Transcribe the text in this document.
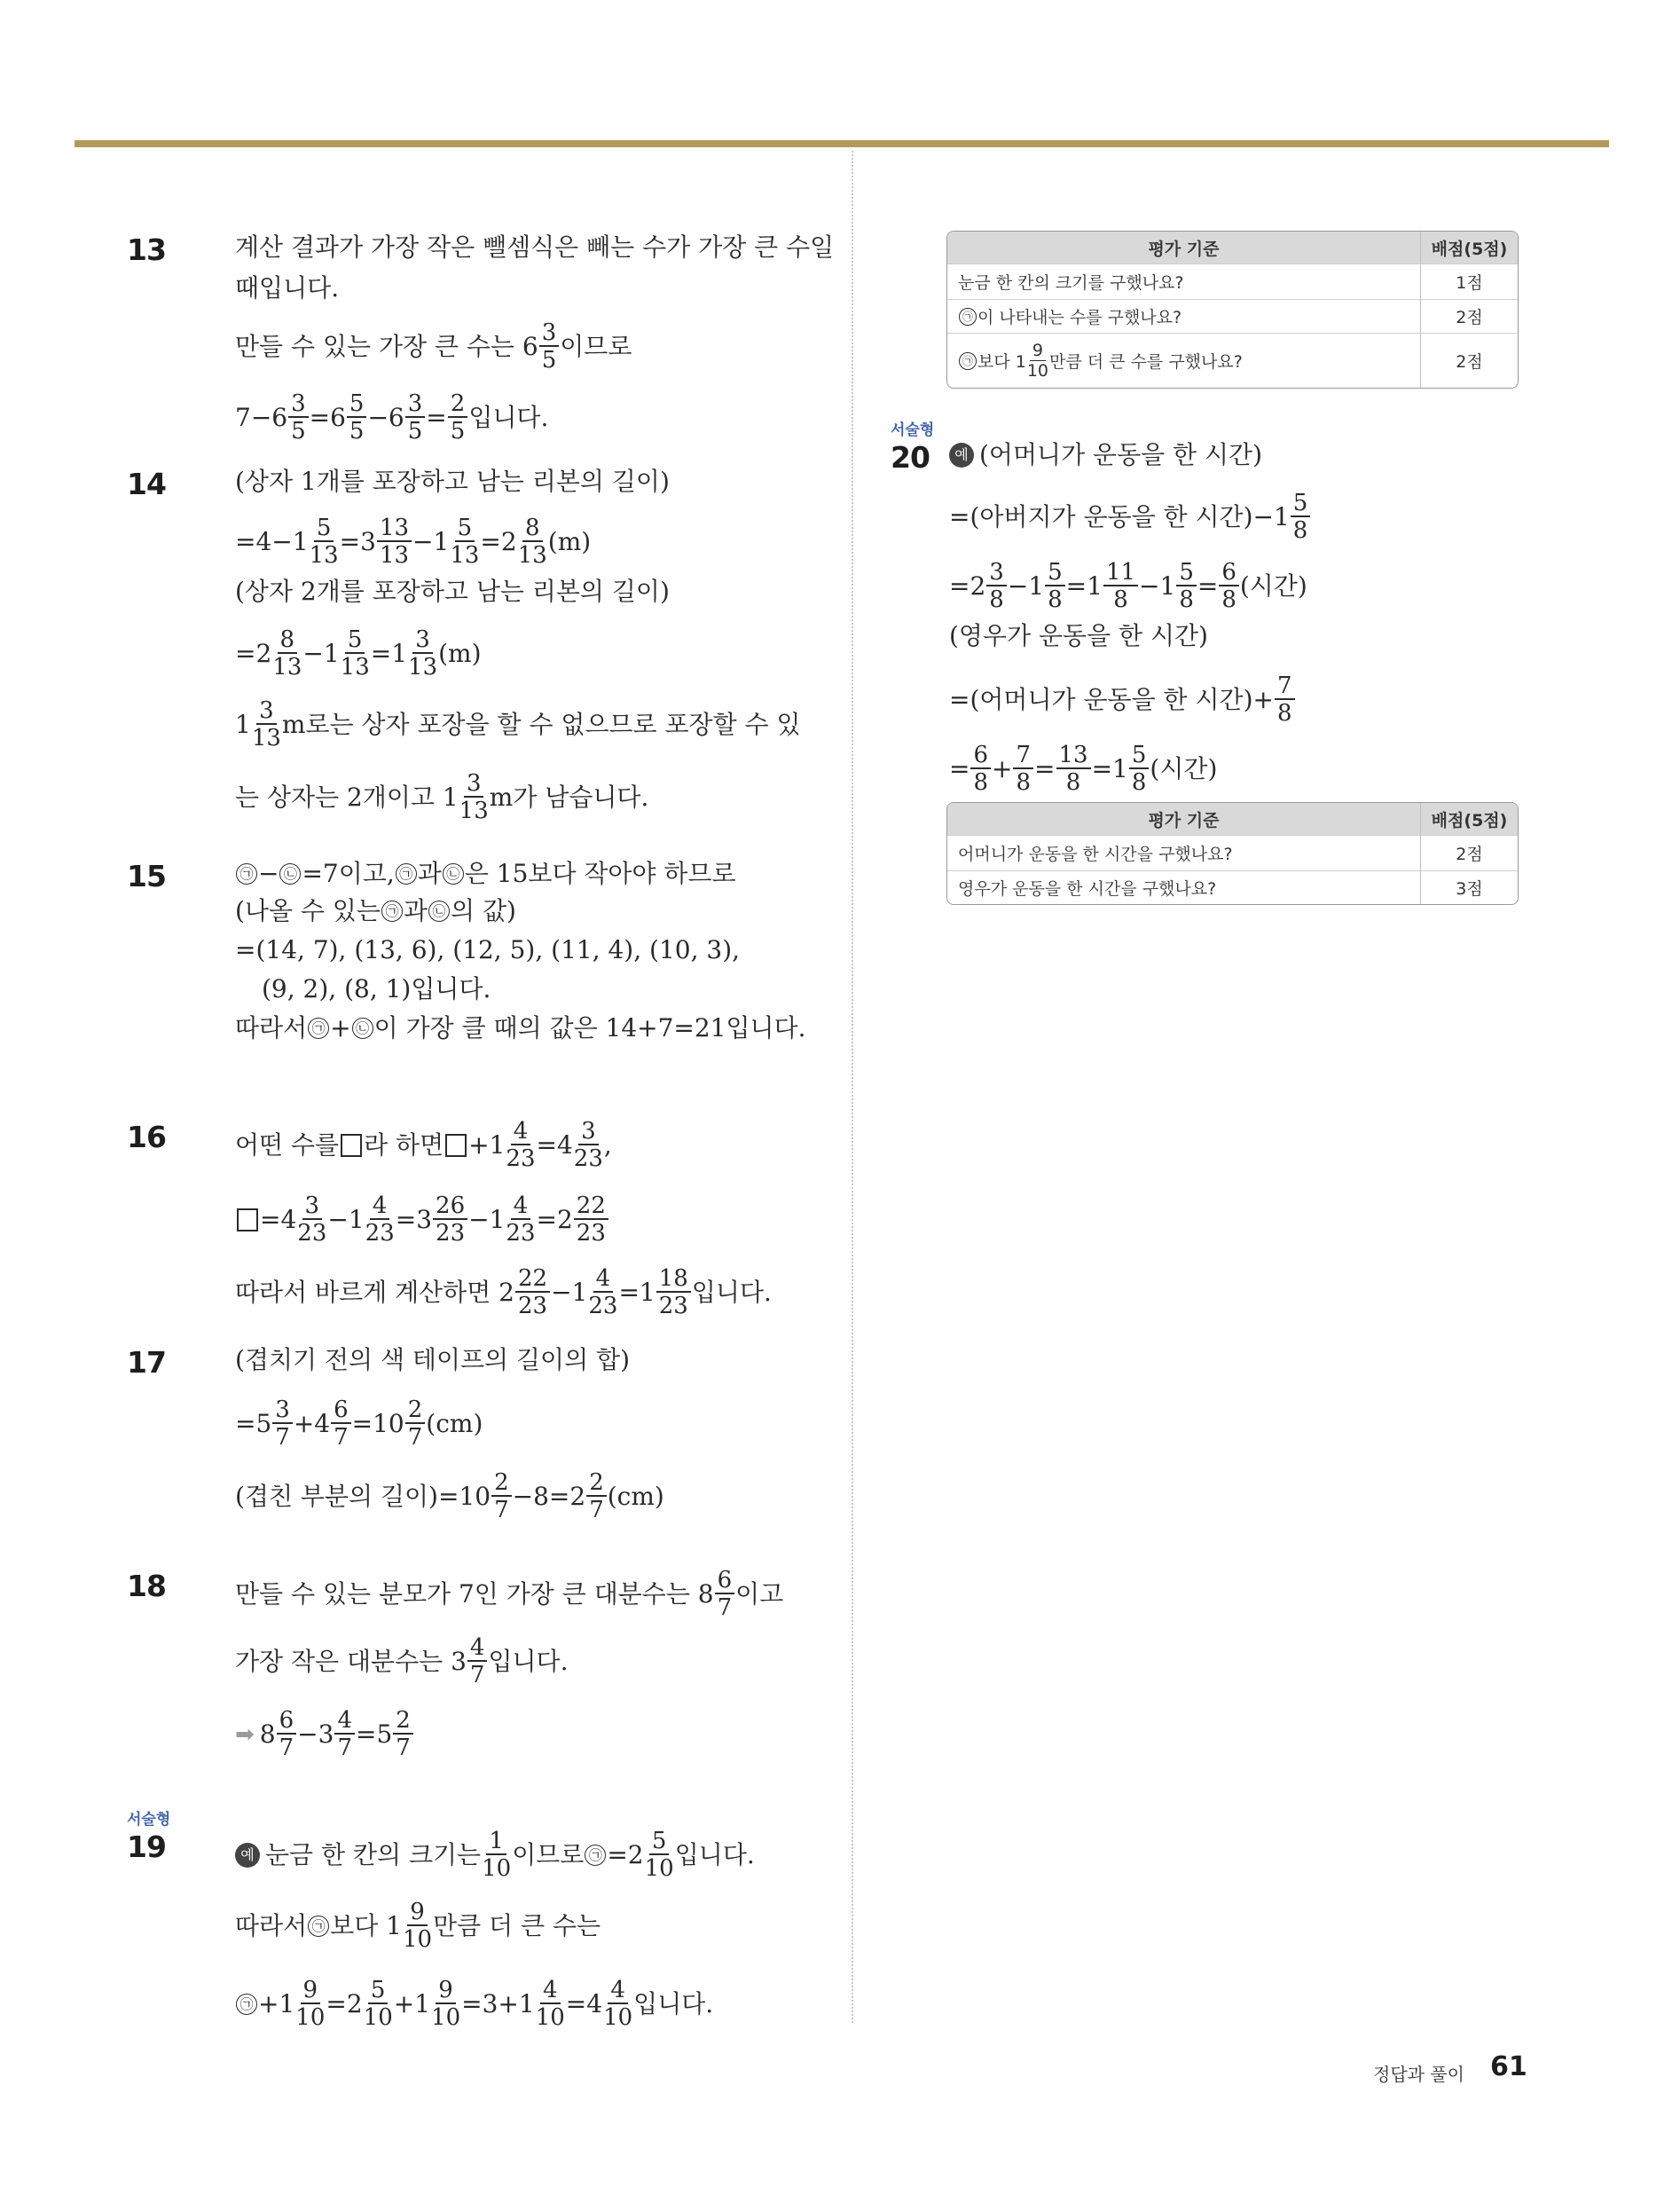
13	계산 결과가 가장 작은 뺄셈식은 빼는 수가 가장 큰 수일
때입니다.
만들 수 있는 가장 큰 수는 6 3
5 이므로
$7-6 \frac{3}{5} =6$ 5
$5 -6 \frac{3}{5} = \frac{2}{5}$ 입니다.
14	(상자 1개를 포장하고 남는 리본의 길이)
$=4-1 \frac{5}{13} =3$ 13
$13 -1 \frac{5}{13} =2$ 8
13 (m)
(상자 2개를 포장하고 남는 리본의 길이)
=2 8
$13 -1 \frac{5}{13} =1$ 3
13 (m)
1 3
13 m로는 상자 포장을 할 수 없으므로 포장할 수 있
는 상자는 2개이고 1 3
13 m가 남습니다.
15	㉠ − ㉡ =7이고, ㉠ 과 ㉡ 은 15보다 작아야 하므로
(나올 수 있는 ㉠ 과 ㉡ 의 값)
=(14, 7), (13, 6), (12, 5), (11, 4), (10, 3),
(9, 2), (8, 1)입니다.
따라서 ㉠ + ㉡ 이 가장 클 때의 값은 14+7=21입니다.
16	어떤 수를 라 하면 $+1 \frac{4}{23} =4$ 3
23 ,
=4 3
$23 -1 \frac{4}{23} =3$ 26
$23 -1 \frac{4}{23} =2$ 22
23
따라서 바르게 계산하면 2 22
$23 -1 \frac{4}{23} =1$ 18
23 입니다.
17	(겹치기 전의 색 테이프의 길이의 합)
=5 3
$7 +4 \frac{6}{7} =10$ 2
7 (cm)
(겹친 부분의 길이)=10 2
7 −8=2 2
7 (cm)
18	만들 수 있는 분모가 7인 가장 큰 대분수는 8 6
7 이고
가장 작은 대분수는 3 4
7 입니다.
➡ 8 6
$7 -3 \frac{4}{7} =5$ 2
7
서술형
19	예 눈금 한 칸의 크기는 1
10 이므로 ㉠ =2 5
10 입니다.
따라서 ㉠ 보다 1 9
10 만큼 더 큰 수는
㉠ $+1 \frac{9}{10} =2$ 5
$10 +1 \frac{9}{10} =3+1 \frac{4}{10} =4$ 4
10 입니다.
평가 기준	배점(5점)
눈금 한 칸의 크기를 구했나요?	1점
㉠ 이 나타내는 수를 구했나요?	2점
㉠ 보다 1
9
10 만큼 더 큰 수를 구했나요?	2점
서술형
20	예 (어머니가 운동을 한 시간)
=(아버지가 운동을 한 시간)−1 5
8
=2 3
$8 -1 \frac{5}{8} =1$ 11
$8 -1 \frac{5}{8} = \frac{6}{8}$ (시간)
(영우가 운동을 한 시간)
=(어머니가 운동을 한 시간)+ $\frac{7}{8}$
= $\frac{6}{8} + \frac{7}{8} = \frac{13}{8} =1$ 5
8 (시간)
평가 기준	배점(5점)
어머니가 운동을 한 시간을 구했나요?	2점
영우가 운동을 한 시간을 구했나요?	3점
정답과 풀이 61
